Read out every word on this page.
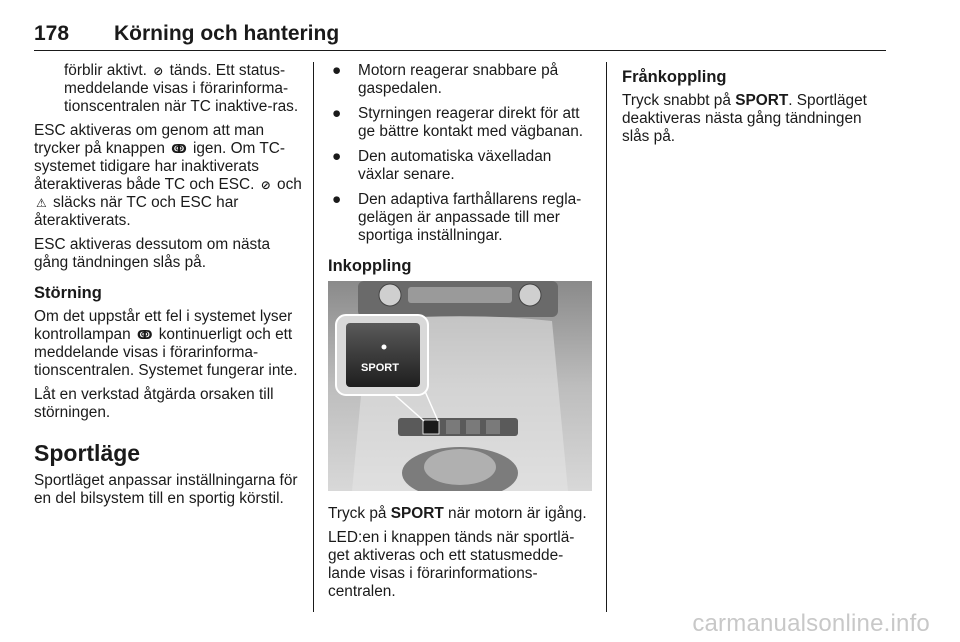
178 Körning och hantering
förblir aktivt. ⊘ tänds. Ett status-meddelande visas i förarinforma-tionscentralen när TC inaktive-ras.

ESC aktiveras om genom att man trycker på knappen ↂ igen. Om TC-systemet tidigare har inaktiverats återaktiveras både TC och ESC. ⊘ och ⚠ släcks när TC och ESC har återaktiverats.

ESC aktiveras dessutom om nästa gång tändningen slås på.

Störning

Om det uppstår ett fel i systemet lyser kontrollampan ↂ kontinuerligt och ett meddelande visas i förarinforma-tionscentralen. Systemet fungerar inte.

Låt en verkstad åtgärda orsaken till störningen.

Sportläge

Sportläget anpassar inställningarna för en del bilsystem till en sportig körstil.

● Motorn reagerar snabbare på gaspedalen.
● Styrningen reagerar direkt för att ge bättre kontakt med vägbanan.
● Den automatiska växelladan växlar senare.
● Den adaptiva farthållarens regla-gelägen är anpassade till mer sportiga inställningar.
Inkoppling
SPORT

Tryck på SPORT när motorn är igång.

LED:en i knappen tänds när sportlä-get aktiveras och ett statusmedde-lande visas i förarinformations-centralen.

Frånkoppling

Tryck snabbt på SPORT. Sportläget deaktiveras nästa gång tändningen slås på.

carmanualsonline.info
